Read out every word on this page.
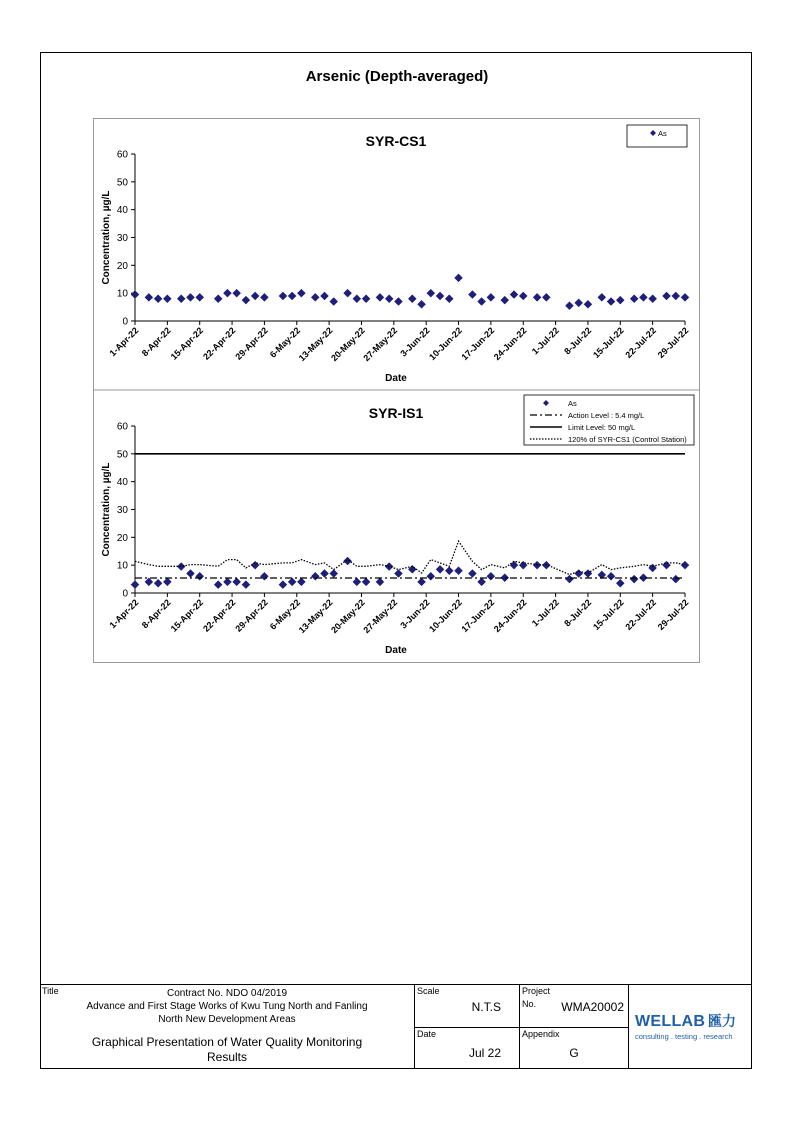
Arsenic (Depth-averaged)
SYR-CS1
0
10
20
30
40
50
60
Concentration, µg/L
1-Apr-22 8-Apr-22
15-Apr-22
22-Apr-22
29-Apr-22
6-May-22
13-May-22
20-May-22
27-May-22 3-Jun-22
10-Jun-22
17-Jun-22
24-Jun-22 1-Jul-22 8-Jul-22
15-Jul-22
22-Jul-22
29-Jul-22
Date
As
SYR-IS1
0
10
20
30
40
50
60
Concentration, µg/L
1-Apr-22 8-Apr-22
15-Apr-22
22-Apr-22
29-Apr-22
6-May-22
13-May-22
20-May-22
27-May-22 3-Jun-22
10-Jun-22
17-Jun-22
24-Jun-22 1-Jul-22 8-Jul-22
15-Jul-22
22-Jul-22
29-Jul-22
Date
As
Action Level : 5.4 mg/L
Limit Level: 50 mg/L
120% of SYR-CS1 (Control Station)
Title	Contract No. NDO 04/2019
Advance and First Stage Works of Kwu Tung North and Fanling
North New Development Areas
Graphical Presentation of Water Quality Monitoring
Results
Scale
N.T.S
Date
Jul 22
Project
No. WMA20002
Appendix
G
WELLAB 匯力
consulting . testing . research
